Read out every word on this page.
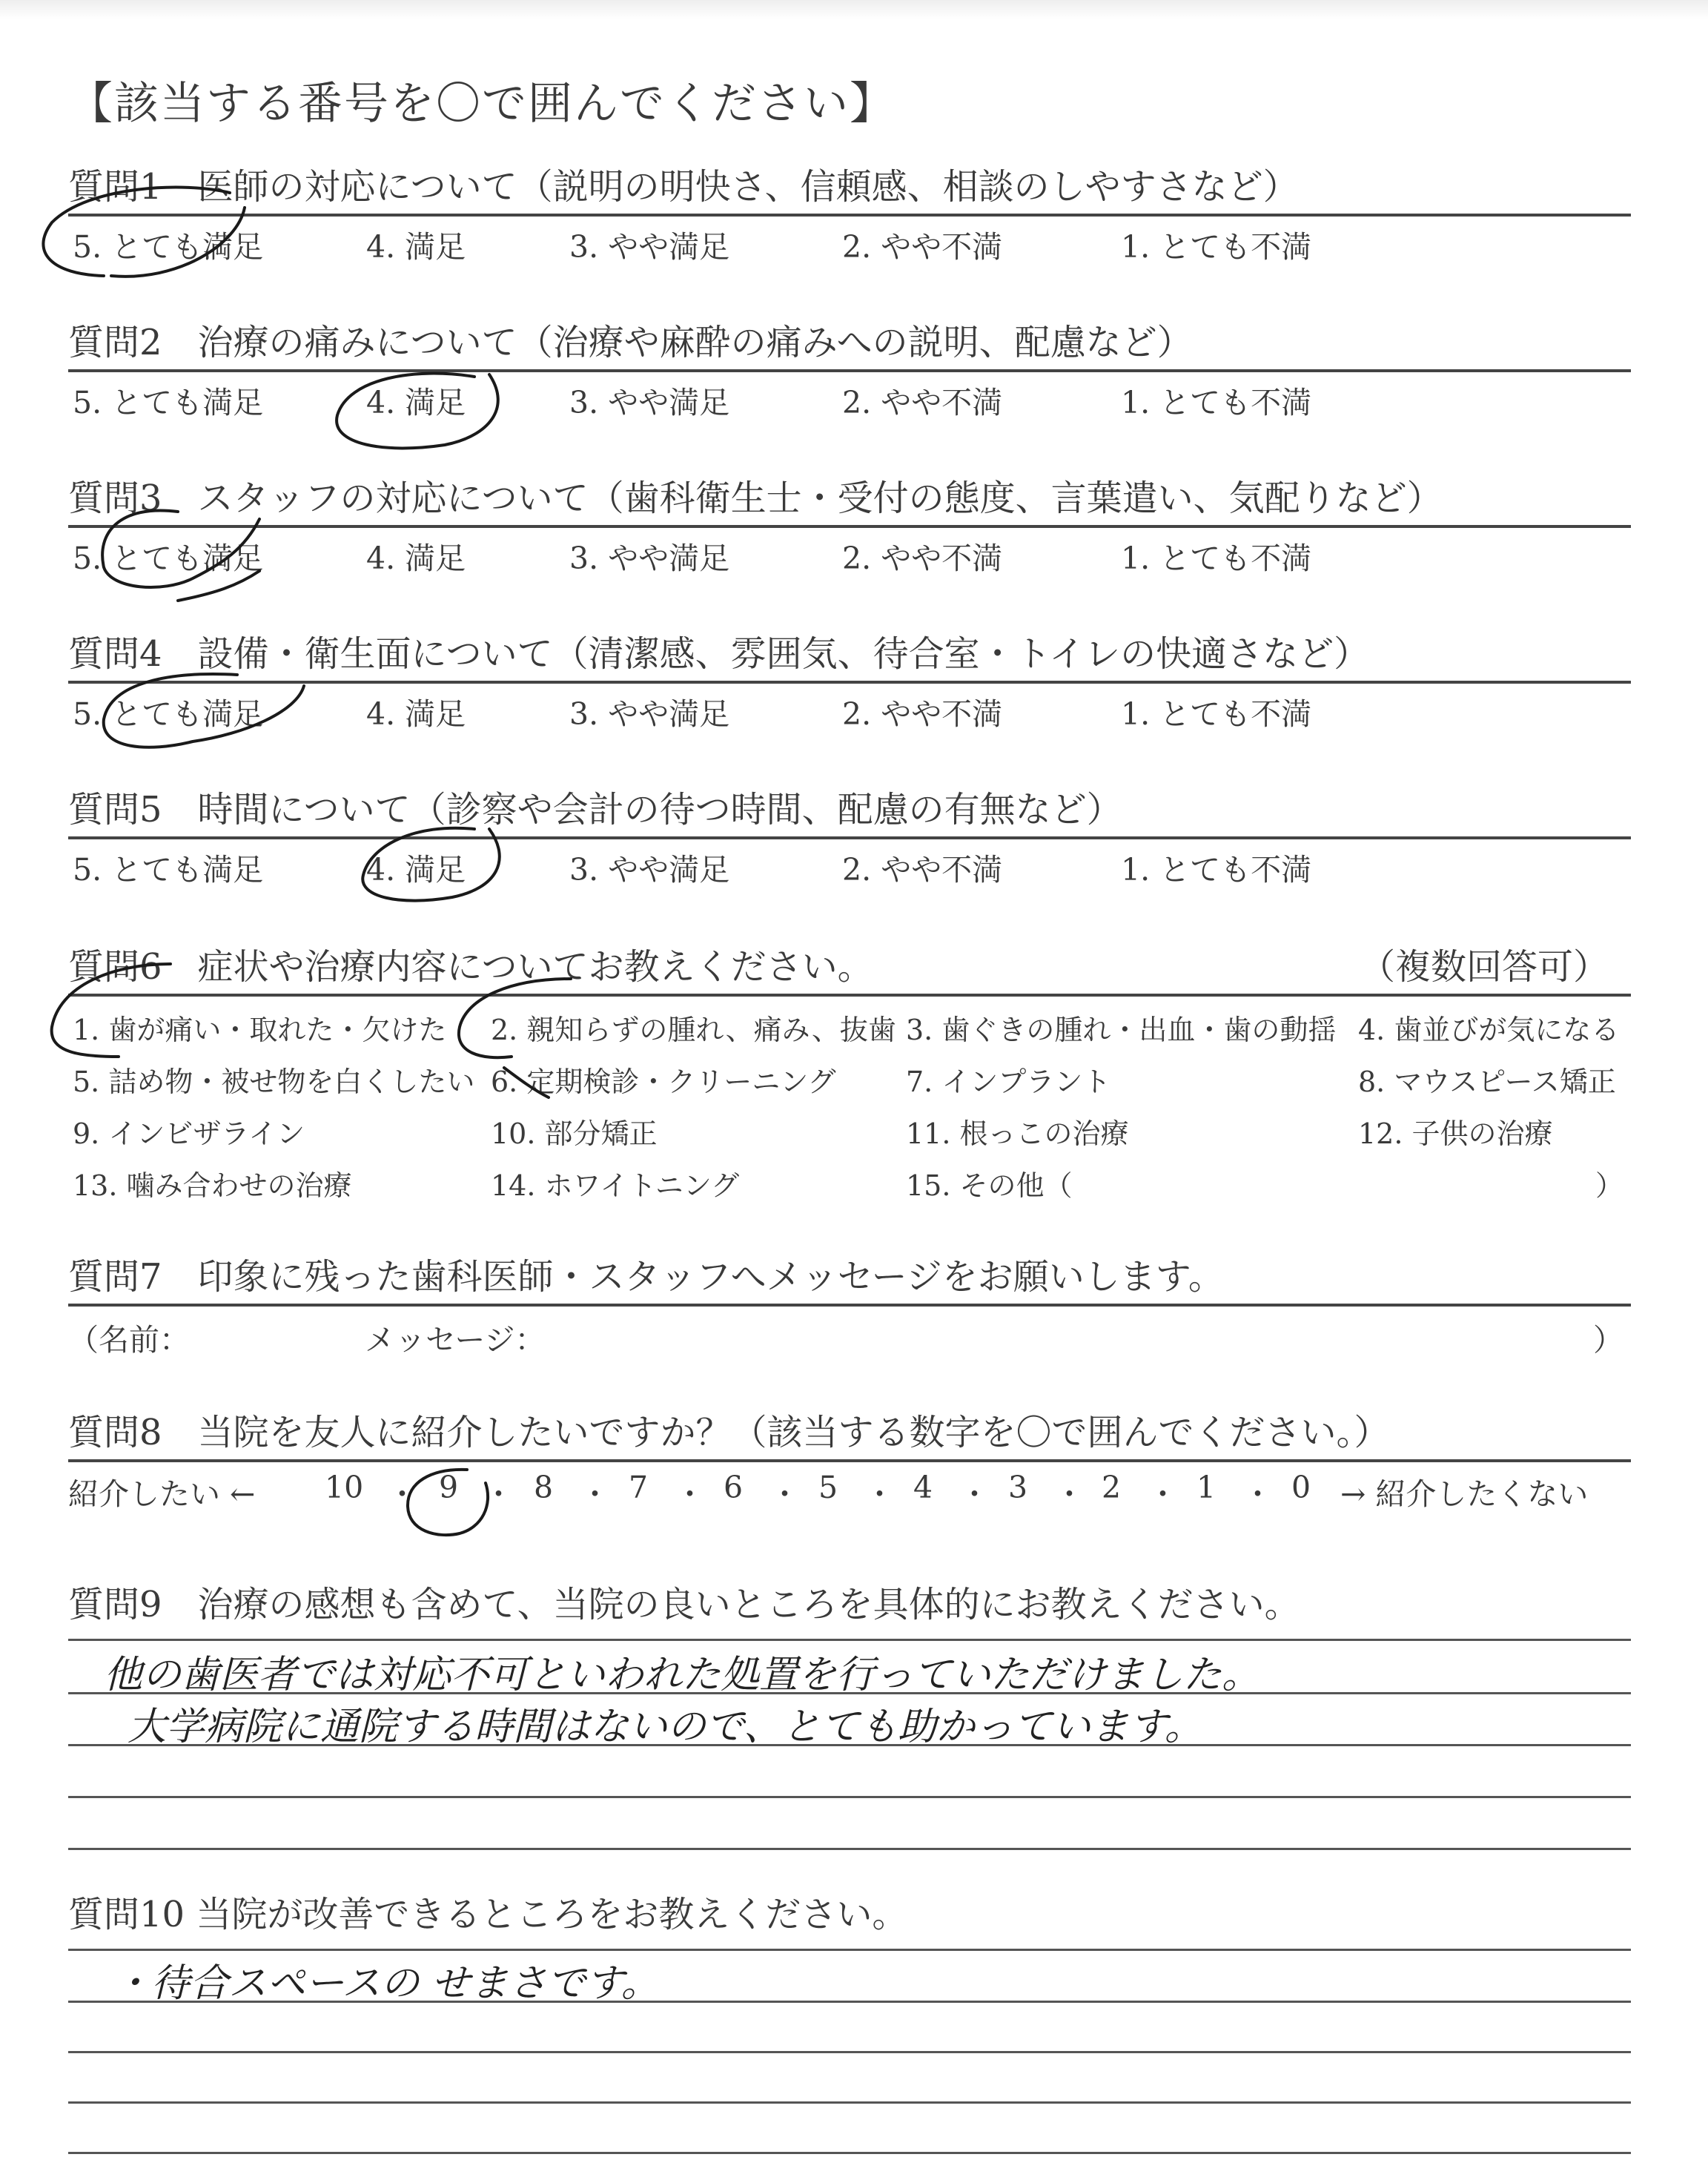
【該当する番号を〇で囲んでください】
質問1　医師の対応について（説明の明快さ、信頼感、相談のしやすさなど）
5. とても満足	4. 満足	3. やや満足	2. やや不満	1. とても不満
質問2　治療の痛みについて（治療や麻酔の痛みへの説明、配慮など）
5. とても満足	4. 満足	3. やや満足	2. やや不満	1. とても不満
質問3　スタッフの対応について（歯科衛生士・受付の態度、言葉遣い、気配りなど）
5. とても満足	4. 満足	3. やや満足	2. やや不満	1. とても不満
質問4　設備・衛生面について（清潔感、雰囲気、待合室・トイレの快適さなど）
5. とても満足	4. 満足	3. やや満足	2. やや不満	1. とても不満
質問5　時間について（診察や会計の待つ時間、配慮の有無など）
5. とても満足	4. 満足	3. やや満足	2. やや不満	1. とても不満
質問6　症状や治療内容についてお教えください。	（複数回答可）
1. 歯が痛い・取れた・欠けた 2. 親知らずの腫れ、痛み、抜歯 3. 歯ぐきの腫れ・出血・歯の動揺 4. 歯並びが気になる
5. 詰め物・被せ物を白くしたい 6. 定期検診・クリーニング 7. インプラント	8. マウスピース矯正
9. インビザライン	10. 部分矯正	11. 根っこの治療	12. 子供の治療
13. 噛み合わせの治療	14. ホワイトニング	15. その他（	）
質問7　印象に残った歯科医師・スタッフへメッセージをお願いします。
（名前：	メッセージ：	）
質問8　当院を友人に紹介したいですか？（該当する数字を〇で囲んでください。）
紹介したい ← 10 ・ 9 ・ 8 ・ 7 ・ 6 ・ 5 ・ 4 ・ 3 ・ 2 ・ 1 ・ 0 → 紹介したくない
質問9　治療の感想も含めて、当院の良いところを具体的にお教えください。
他の歯医者では対応不可といわれた処置を行っていただけました。
大学病院に通院する時間はないので、とても助かっています。
質問10 当院が改善できるところをお教えください。
・待合スペースの せまさです。
